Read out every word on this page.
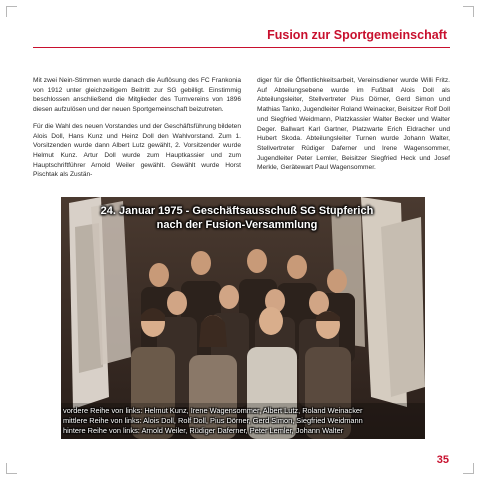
Fusion zur Sportgemeinschaft

Mit zwei Nein-Stimmen wurde danach die Auflösung des FC Frankonia von 1912 unter gleichzeitigem Beitritt zur SG gebilligt. Einstimmig beschlossen anschließend die Mitglieder des Turnvereins von 1896 diesen aufzulösen und der neuen Sportgemeinschaft beizutreten.

Für die Wahl des neuen Vorstandes und der Geschäftsführung bildeten Alois Doll, Hans Kunz und Heinz Doll den Wahlvorstand. Zum 1. Vorsitzenden wurde dann Albert Lutz gewählt, 2. Vorsitzender wurde Helmut Kunz. Artur Doll wurde zum Hauptkassier und zum Hauptschriftführer Arnold Weiler gewählt. Gewählt wurde Horst Pischtak als Zustän-

diger für die Öffentlichkeitsarbeit, Vereinsdiener wurde Willi Fritz. Auf Abteilungsebene wurde im Fußball Alois Doll als Abteilungsleiter, Stellvertreter Pius Dörner, Gerd Simon und Mathias Tanko, Jugendleiter Roland Weinacker, Beisitzer Rolf Doll und Siegfried Weidmann, Platzkassier Walter Becker und Walter Deger. Ballwart Karl Gartner, Platzwarte Erich Eldracher und Hubert Skoda. Abteilungsleiter Turnen wurde Johann Walter, Stellvertreter Rüdiger Daferner und Irene Wagensommer, Jugendleiter Peter Lemler, Beisitzer Siegfried Heck und Josef Merkle, Gerätewart Paul Wagensommer.

24. Januar 1975 - Geschäftsausschuß SG Stupferich
nach der Fusion-Versammlung
vordere Reihe von links: Helmut Kunz, Irene Wagensommer, Albert Lutz, Roland Weinacker
mittlere Reihe von links: Alois Doll, Rolf Doll, Pius Dörner, Gerd Simon, Siegfried Weidmann
hintere Reihe von links: Arnold Weiler, Rüdiger Daferner, Peter Lemler, Johann Walter
35
